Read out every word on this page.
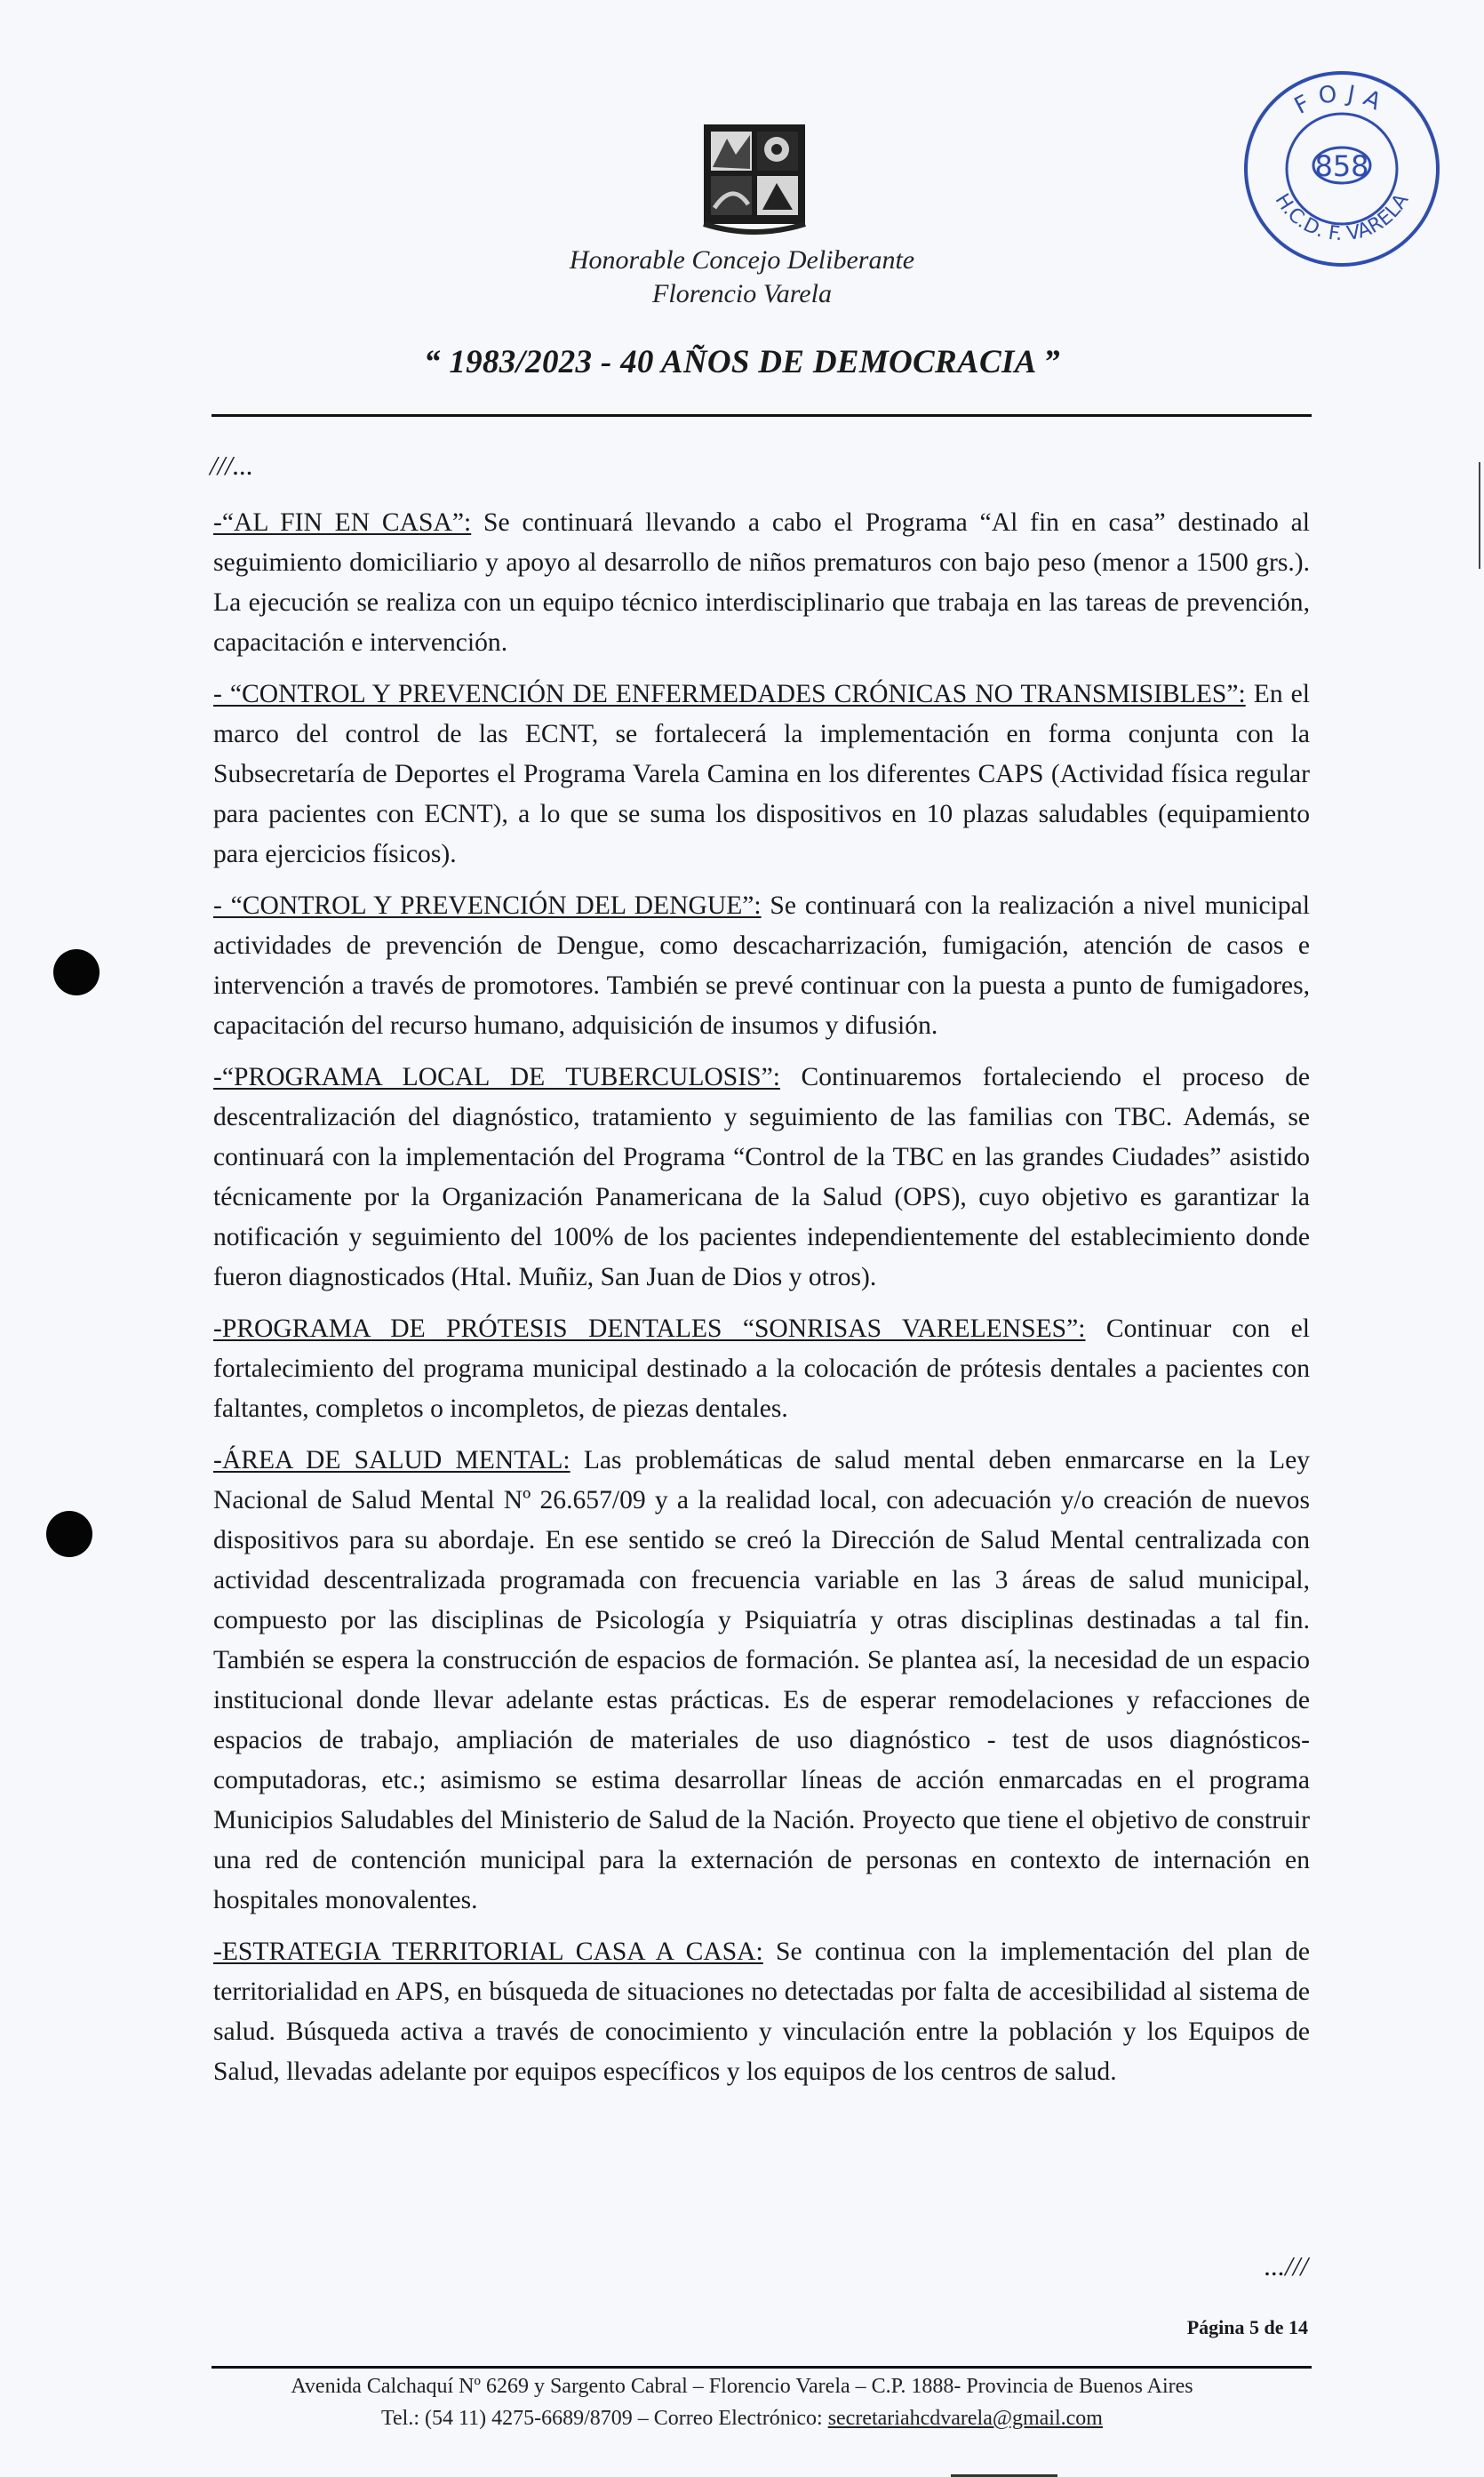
Honorable Concejo Deliberante
Florencio Varela
“ 1983/2023 - 40 AÑOS DE DEMOCRACIA ”
FOJA
H.C.D. F. VARELA
858
///...

-“AL FIN EN CASA”: Se continuará llevando a cabo el Programa “Al fin en casa” destinado al seguimiento domiciliario y apoyo al desarrollo de niños prematuros con bajo peso (menor a 1500 grs.). La ejecución se realiza con un equipo técnico interdisciplinario que trabaja en las tareas de prevención, capacitación e intervención.

- “CONTROL Y PREVENCIÓN DE ENFERMEDADES CRÓNICAS NO TRANSMISIBLES”: En el marco del control de las ECNT, se fortalecerá la implementación en forma conjunta con la Subsecretaría de Deportes el Programa Varela Camina en los diferentes CAPS (Actividad física regular para pacientes con ECNT), a lo que se suma los dispositivos en 10 plazas saludables (equipamiento para ejercicios físicos).

- “CONTROL Y PREVENCIÓN DEL DENGUE”: Se continuará con la realización a nivel municipal actividades de prevención de Dengue, como descacharrización, fumigación, atención de casos e intervención a través de promotores. También se prevé continuar con la puesta a punto de fumigadores, capacitación del recurso humano, adquisición de insumos y difusión.

-“PROGRAMA LOCAL DE TUBERCULOSIS”: Continuaremos fortaleciendo el proceso de descentralización del diagnóstico, tratamiento y seguimiento de las familias con TBC. Además, se continuará con la implementación del Programa “Control de la TBC en las grandes Ciudades” asistido técnicamente por la Organización Panamericana de la Salud (OPS), cuyo objetivo es garantizar la notificación y seguimiento del 100% de los pacientes independientemente del establecimiento donde fueron diagnosticados (Htal. Muñiz, San Juan de Dios y otros).

-PROGRAMA DE PRÓTESIS DENTALES “SONRISAS VARELENSES”: Continuar con el fortalecimiento del programa municipal destinado a la colocación de prótesis dentales a pacientes con faltantes, completos o incompletos, de piezas dentales.

-ÁREA DE SALUD MENTAL: Las problemáticas de salud mental deben enmarcarse en la Ley Nacional de Salud Mental Nº 26.657/09 y a la realidad local, con adecuación y/o creación de nuevos dispositivos para su abordaje. En ese sentido se creó la Dirección de Salud Mental centralizada con actividad descentralizada programada con frecuencia variable en las 3 áreas de salud municipal, compuesto por las disciplinas de Psicología y Psiquiatría y otras disciplinas destinadas a tal fin. También se espera la construcción de espacios de formación. Se plantea así, la necesidad de un espacio institucional donde llevar adelante estas prácticas. Es de esperar remodelaciones y refacciones de espacios de trabajo, ampliación de materiales de uso diagnóstico - test de usos diagnósticos- computadoras, etc.; asimismo se estima desarrollar líneas de acción enmarcadas en el programa Municipios Saludables del Ministerio de Salud de la Nación. Proyecto que tiene el objetivo de construir una red de contención municipal para la externación de personas en contexto de internación en hospitales monovalentes.

-ESTRATEGIA TERRITORIAL CASA A CASA: Se continua con la implementación del plan de territorialidad en APS, en búsqueda de situaciones no detectadas por falta de accesibilidad al sistema de salud. Búsqueda activa a través de conocimiento y vinculación entre la población y los Equipos de Salud, llevadas adelante por equipos específicos y los equipos de los centros de salud.

...///
Página 5 de 14
Avenida Calchaquí Nº 6269 y Sargento Cabral – Florencio Varela – C.P. 1888- Provincia de Buenos Aires
Tel.: (54 11) 4275-6689/8709 – Correo Electrónico: secretariahcdvarela@gmail.com
